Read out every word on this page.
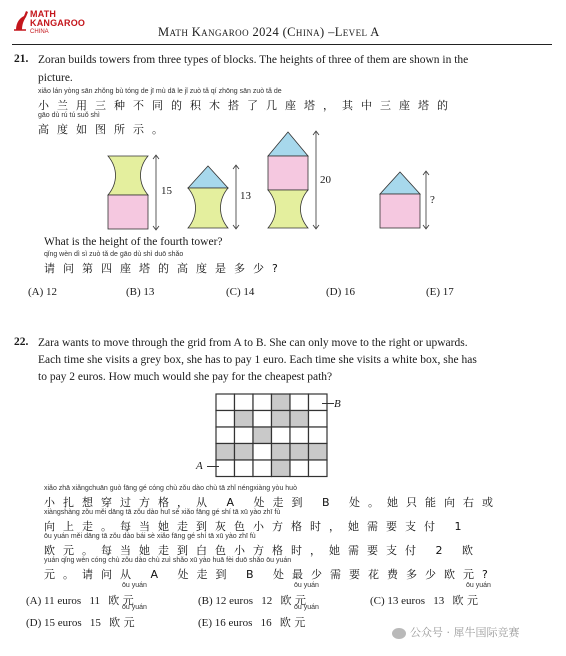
MATH
KANGAROO
CHINA	Math Kangaroo 2024 (China) –Level A
21. Zoran builds towers from three types of blocks. The heights of three of them are shown in the
picture.
xiǎo lán yòng sān zhǒng bù tóng de jī mù dā le jǐ zuò tǎ qí zhōng sān zuò tǎ de
小兰用三种不同的积木搭了几座塔，其中三座塔的
gāo dù rú tú suǒ shì
高度如图所示。
15	13
20
?
What is the height of the fourth tower?
qǐng wèn dì sì zuò tǎ de gāo dù shì duō shǎo
请问第四座塔的高度是多少?
(A) 12	(B) 13	(C) 14	(D) 16	(E) 17
22. Zara wants to move through the grid from A to B. She can only move to the right or upwards.
Each time she visits a grey box, she has to pay 1 euro. Each time she visits a white box, she has
to pay 2 euros. How much would she pay for the cheapest path?
A
B
xiǎo zhā xiǎngchuān guò fāng gé cóng chù zǒu dào chù tā zhǐ néngxiàng yòu huò
小扎想穿过方格，从 A 处走到 B 处。她只能向右或
xiàngshàng zǒu měi dāng tā zǒu dào huī sè xiǎo fāng gé shí tā xū yào zhī fù
向上走。每当她走到灰色小方格时，她需要支付 1
ōu yuán měi dāng tā zǒu dào bái sè xiǎo fāng gé shí tā xū yào zhī fù
欧元。每当她走到白色小方格时，她需要支付 2 欧
yuán qǐng wèn cóng chù zǒu dào chù zuì shǎo xū yào huā fèi duō shǎo ōu yuán
元。请问从 A 处走到 B 处最少需要花费多少欧元?
ōu yuán
(A) 11 euros 11 欧 元
ōu yuán
(B) 12 euros 12 欧 元
ōu yuán
(C) 13 euros 13 欧 元
ōu yuán
(D) 15 euros 15 欧 元
ōu yuán
(E) 16 euros 16 欧 元
公众号 · 犀牛国际竞赛
